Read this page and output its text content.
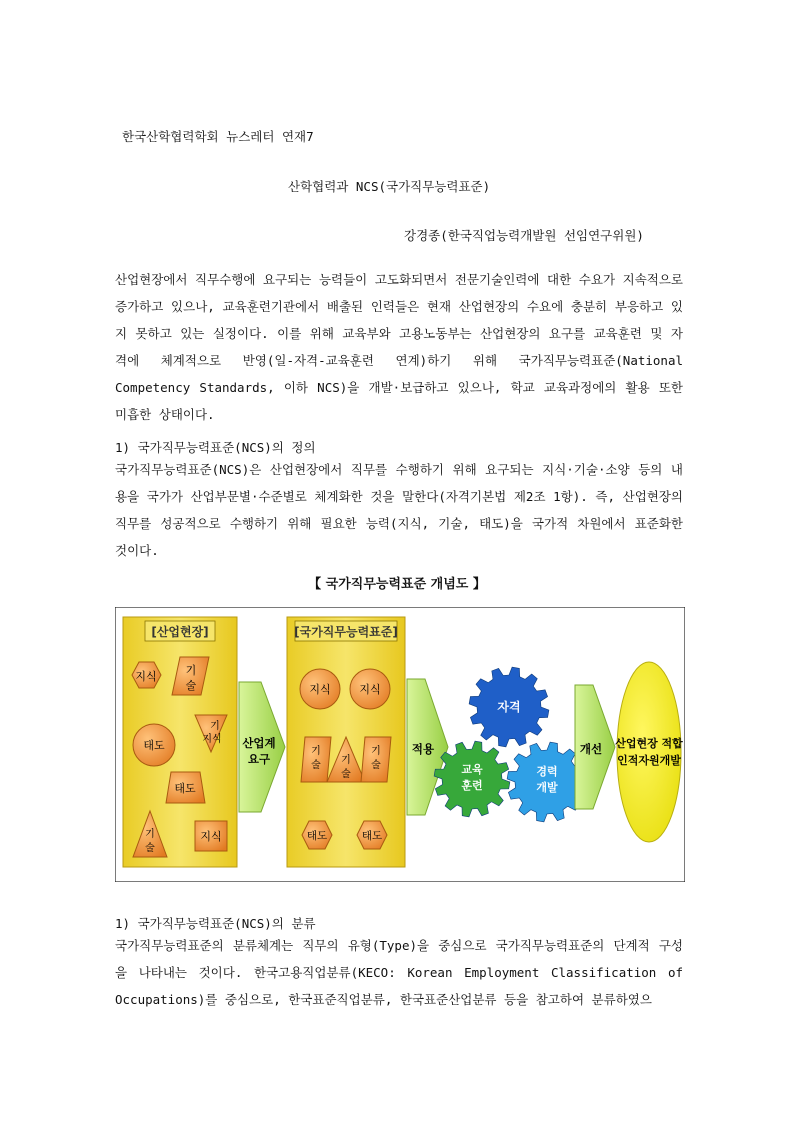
한국산학협력학회 뉴스레터 연재7
산학협력과 NCS(국가직무능력표준)
강경종(한국직업능력개발원 선임연구위원)
산업현장에서 직무수행에 요구되는 능력들이 고도화되면서 전문기술인력에 대한 수요가 지속적으로 증가하고 있으나, 교육훈련기관에서 배출된 인력들은 현재 산업현장의 수요에 충분히 부응하고 있지 못하고 있는 실정이다. 이를 위해 교육부와 고용노동부는 산업현장의 요구를 교육훈련 및 자격에 체계적으로 반영(일-자격-교육훈련 연계)하기 위해 국가직무능력표준(National Competency Standards, 이하 NCS)을 개발·보급하고 있으나, 학교 교육과정에의 활용 또한 미흡한 상태이다.
1) 국가직무능력표준(NCS)의 정의
국가직무능력표준(NCS)은 산업현장에서 직무를 수행하기 위해 요구되는 지식·기술·소양 등의 내용을 국가가 산업부문별·수준별로 체계화한 것을 말한다(자격기본법 제2조 1항). 즉, 산업현장의 직무를 성공적으로 수행하기 위해 필요한 능력(지식, 기술, 태도)을 국가적 차원에서 표준화한 것이다.
【 국가직무능력표준 개념도 】
[산업현장]
지식	기
술
기
지식
태도
태도
기
술
지식
산업계
요구
[국가직무능력표준]
지식	지식
기
술 기
술
기
술
태도	태도
적용
자격
교육
훈련
경력
개발
개선 산업현장 적합
인적자원개발
1) 국가직무능력표준(NCS)의 분류
국가직무능력표준의 분류체계는 직무의 유형(Type)을 중심으로 국가직무능력표준의 단계적 구성을 나타내는 것이다. 한국고용직업분류(KECO: Korean Employment Classification of Occupations)를 중심으로, 한국표준직업분류, 한국표준산업분류 등을 참고하여 분류하였으
